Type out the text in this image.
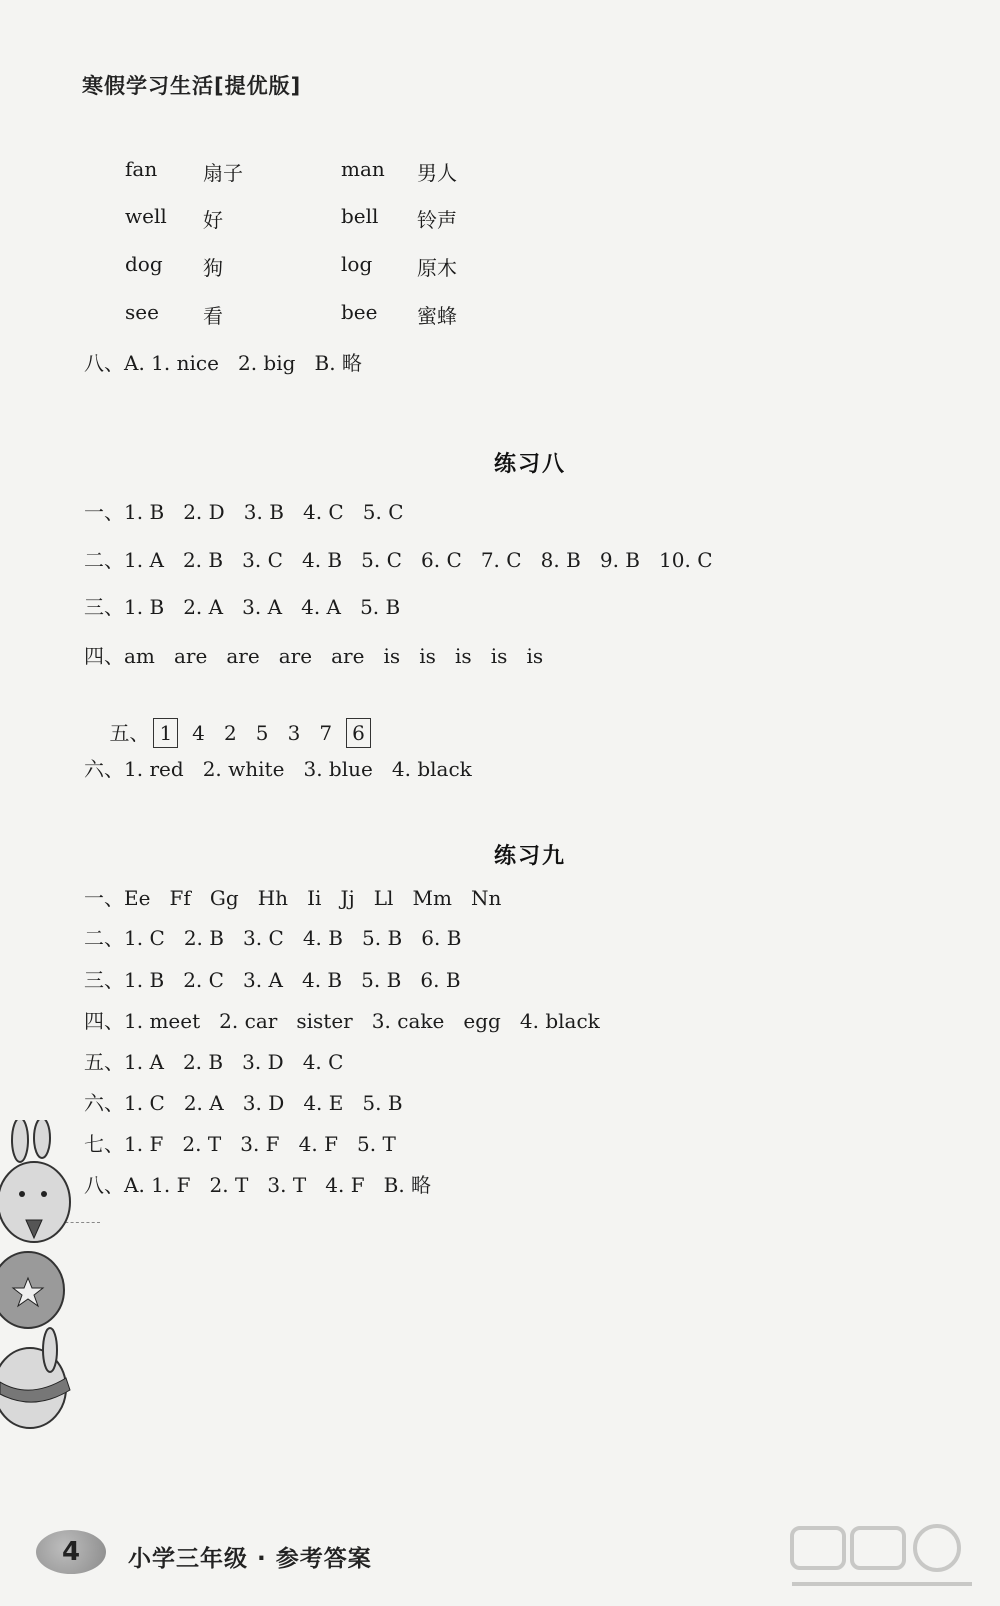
寒假学习生活[提优版]
fan 扇子	man 男人
well 好	bell 铃声
dog 狗	log 原木
see 看	bee 蜜蜂
八、A. 1. nice   2. big   B. 略
练习八
一、1. B   2. D   3. B   4. C   5. C
二、1. A   2. B   3. C   4. B   5. C   6. C   7. C   8. B   9. B   10. C
三、1. B   2. A   3. A   4. A   5. B
四、am   are   are   are   are   is   is   is   is   is

五、 1 4   2   5   3   7 6

六、1. red   2. white   3. blue   4. black
练习九
一、Ee   Ff   Gg   Hh   Ii   Jj   Ll   Mm   Nn
二、1. C   2. B   3. C   4. B   5. B   6. B
三、1. B   2. C   3. A   4. B   5. B   6. B
四、1. meet   2. car   sister   3. cake   egg   4. black
五、1. A   2. B   3. D   4. C
六、1. C   2. A   3. D   4. E   5. B
七、1. F   2. T   3. F   4. F   5. T
八、A. 1. F   2. T   3. T   4. F   B. 略
4 小学三年级 · 参考答案
